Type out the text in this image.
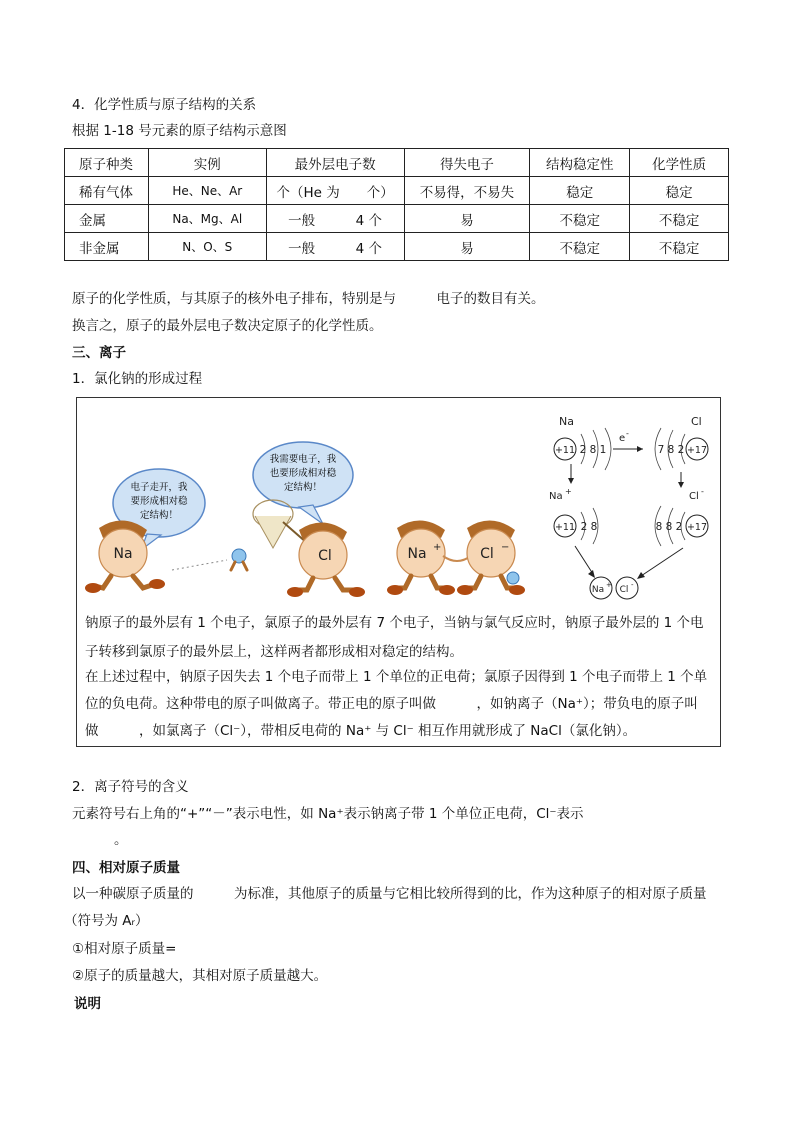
4．化学性质与原子结构的关系
根据 1-18 号元素的原子结构示意图
原子种类	实例	最外层电子数	得失电子	结构稳定性	化学性质
稀有气体	He、Ne、Ar	个（He 为　　个）	不易得，不易失	稳定	稳定
金属	Na、Mg、Al	一般　　　4 个	易	不稳定	不稳定
非金属	N、O、S	一般　　　4 个	易	不稳定	不稳定
原子的化学性质，与其原子的核外电子排布，特别是与　　　电子的数目有关。
换言之，原子的最外层电子数决定原子的化学性质。
三、离子
1．氯化钠的形成过程
电子走开，我
要形成相对稳
定结构！
我需要电子，我
也要形成相对稳
定结构！
Na	Cl	Na +	Cl −
Na
+11 2 8 1
e -
Cl
7 8 2 +17
Na +
+11 2 8
Cl -
8 8 2 +17
Na + Cl -
钠原子的最外层有 1 个电子，氯原子的最外层有 7 个电子，当钠与氯气反应时，钠原子最外层的 1 个电
子转移到氯原子的最外层上，这样两者都形成相对稳定的结构。
在上述过程中，钠原子因失去 1 个电子而带上 1 个单位的正电荷；氯原子因得到 1 个电子而带上 1 个单
位的负电荷。这种带电的原子叫做离子。带正电的原子叫做　　　，如钠离子（Na⁺）；带负电的原子叫
做　　　，如氯离子（Cl⁻），带相反电荷的 Na⁺ 与 Cl⁻ 相互作用就形成了 NaCl（氯化钠）。
2．离子符号的含义
元素符号右上角的“+”“－”表示电性，如 Na⁺表示钠离子带 1 个单位正电荷，Cl⁻表示
。
四、相对原子质量
以一种碳原子质量的　　　为标准，其他原子的质量与它相比较所得到的比，作为这种原子的相对原子质量
（符号为 Aᵣ）
①相对原子质量=
②原子的质量越大，其相对原子质量越大。
说明
